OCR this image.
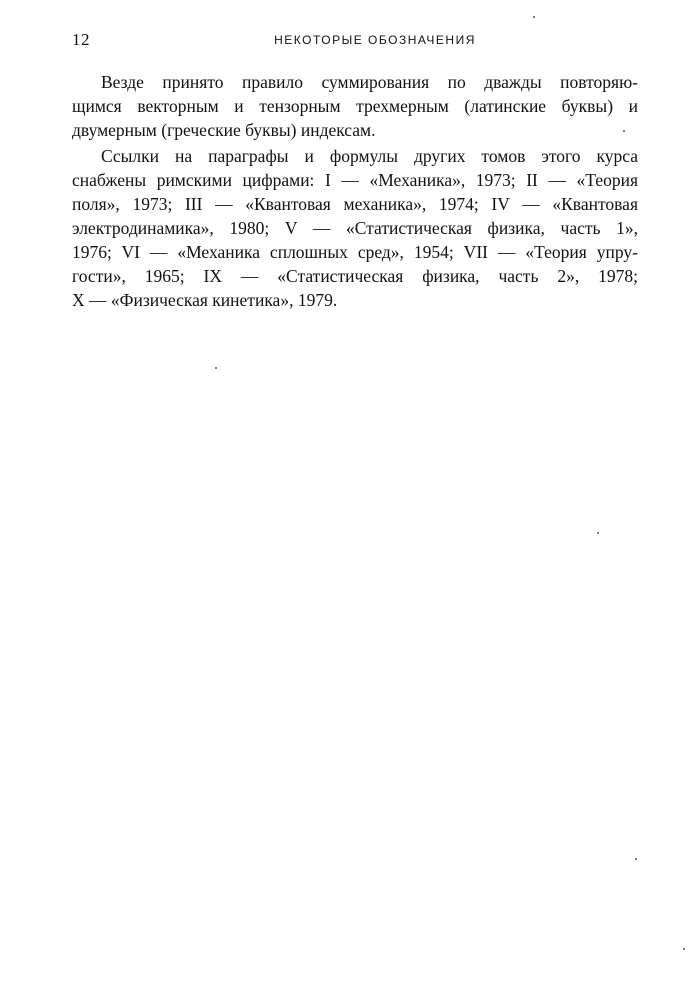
12	НЕКОТОРЫЕ ОБОЗНАЧЕНИЯ
Везде принято правило суммирования по дважды повторяю-
щимся векторным и тензорным трехмерным (латинские буквы) и
двумерным (греческие буквы) индексам.
Ссылки на параграфы и формулы других томов этого курса
снабжены римскими цифрами: I — «Механика», 1973; II — «Теория
поля», 1973; III — «Квантовая механика», 1974; IV — «Квантовая
электродинамика», 1980; V — «Статистическая физика, часть 1»,
1976; VI — «Механика сплошных сред», 1954; VII — «Теория упру-
гости», 1965; IX — «Статистическая физика, часть 2», 1978;
X — «Физическая кинетика», 1979.
